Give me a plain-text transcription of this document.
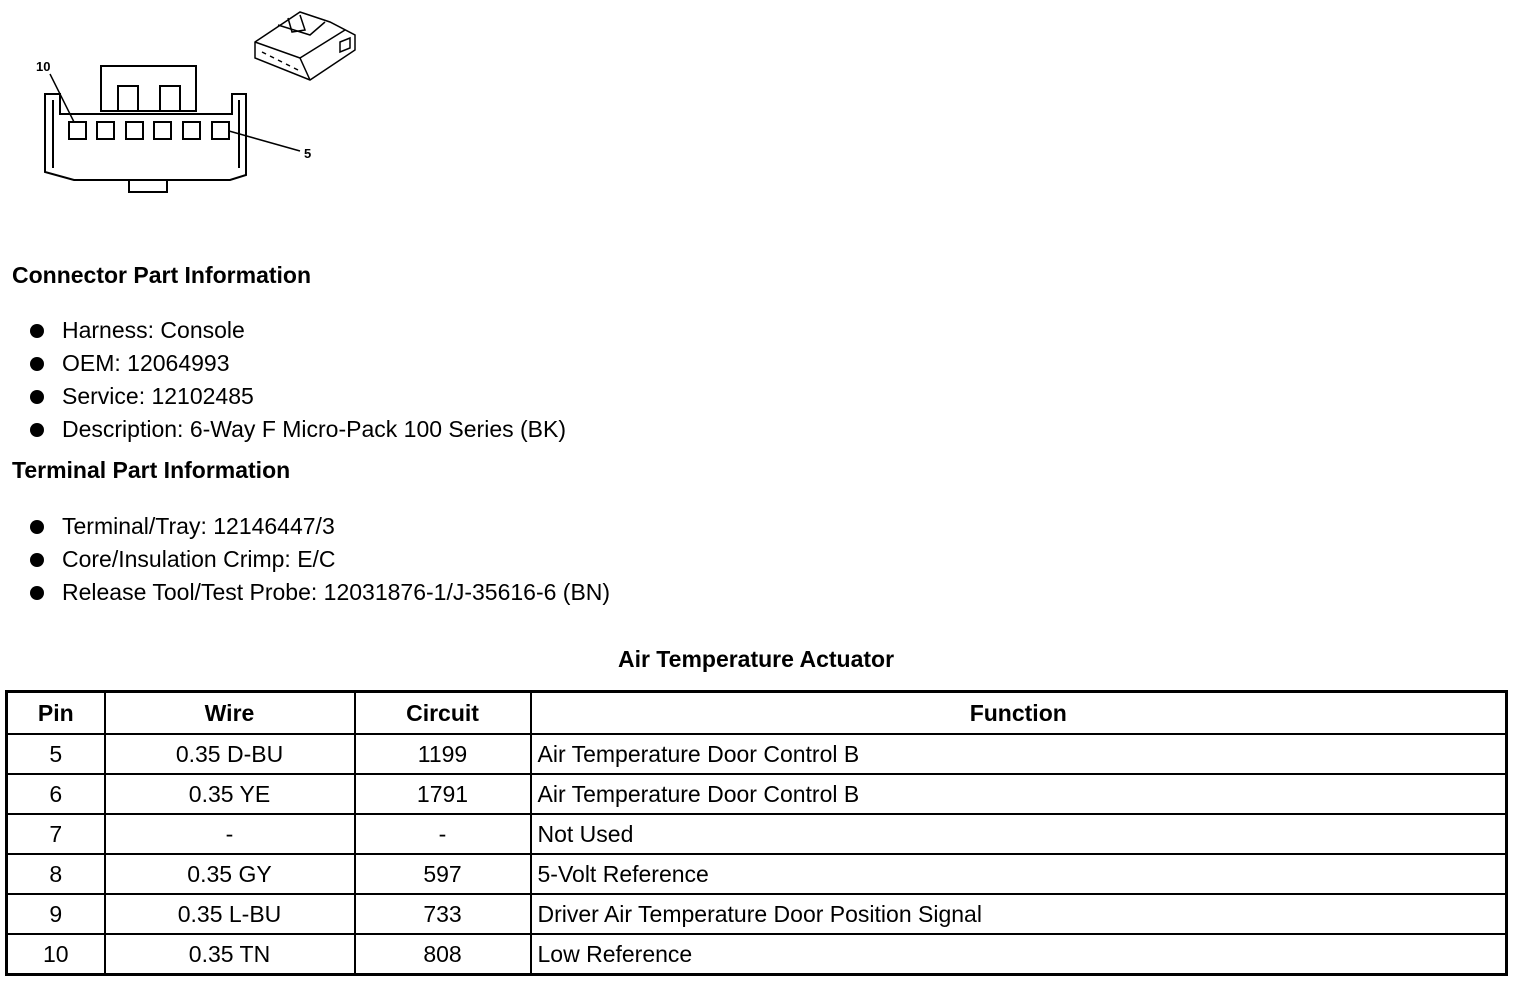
10
5
Connector Part Information
Harness: Console
OEM: 12064993
Service: 12102485
Description: 6-Way F Micro-Pack 100 Series (BK)
Terminal Part Information
Terminal/Tray: 12146447/3
Core/Insulation Crimp: E/C
Release Tool/Test Probe: 12031876-1/J-35616-6 (BN)
Air Temperature Actuator
Pin	Wire	Circuit	Function
5	0.35 D-BU	1199	Air Temperature Door Control B
6	0.35 YE	1791	Air Temperature Door Control B
7	-	-	Not Used
8	0.35 GY	597	5-Volt Reference
9	0.35 L-BU	733	Driver Air Temperature Door Position Signal
10	0.35 TN	808	Low Reference
